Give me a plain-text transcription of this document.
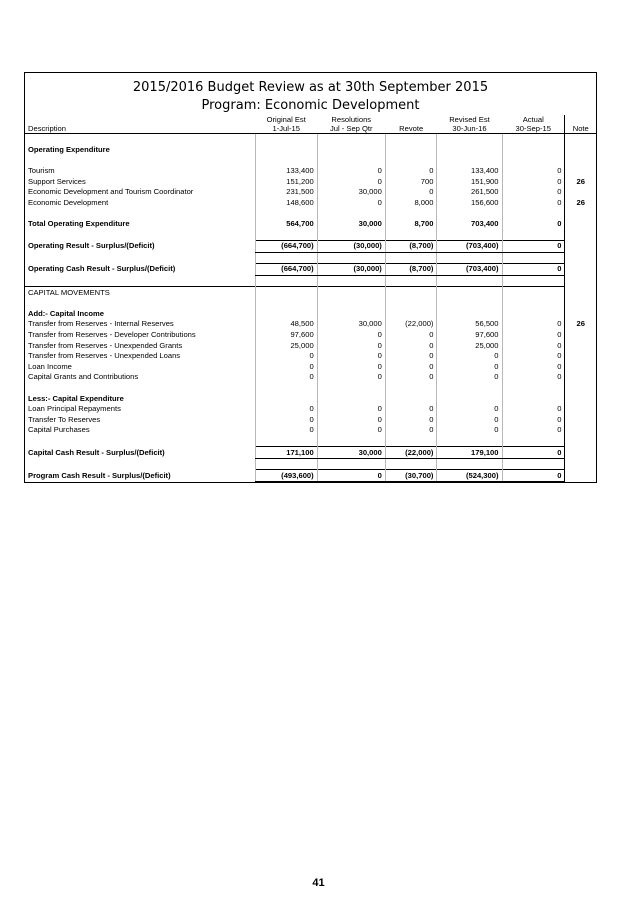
2015/2016 Budget Review as at 30th September 2015
Program: Economic Development
	Original Est	Resolutions		Revised Est	Actual	
Description	1-Jul-15	Jul - Sep Qtr	Revote	30-Jun-16	30-Sep-15	Note

Operating Expenditure						

Tourism	133,400	0	0	133,400	0	
Support Services	151,200	0	700	151,900	0	26
Economic Development and Tourism Coordinator	231,500	30,000	0	261,500	0	
Economic Development	148,600	0	8,000	156,600	0	26

Total Operating Expenditure	564,700	30,000	8,700	703,400	0	

Operating Result - Surplus/(Deficit)	(664,700)	(30,000)	(8,700)	(703,400)	0	

Operating Cash Result - Surplus/(Deficit)	(664,700)	(30,000)	(8,700)	(703,400)	0	

CAPITAL MOVEMENTS						

Add:- Capital Income						
Transfer from Reserves - Internal Reserves	48,500	30,000	(22,000)	56,500	0	26
Transfer from Reserves - Developer Contributions	97,600	0	0	97,600	0	
Transfer from Reserves - Unexpended Grants	25,000	0	0	25,000	0	
Transfer from Reserves - Unexpended Loans	0	0	0	0	0	
Loan Income	0	0	0	0	0	
Capital Grants and Contributions	0	0	0	0	0	

Less:- Capital Expenditure						
Loan Principal Repayments	0	0	0	0	0	
Transfer To Reserves	0	0	0	0	0	
Capital Purchases	0	0	0	0	0	

Capital Cash Result - Surplus/(Deficit)	171,100	30,000	(22,000)	179,100	0	

Program Cash Result - Surplus/(Deficit)	(493,600)	0	(30,700)	(524,300)	0	
41
